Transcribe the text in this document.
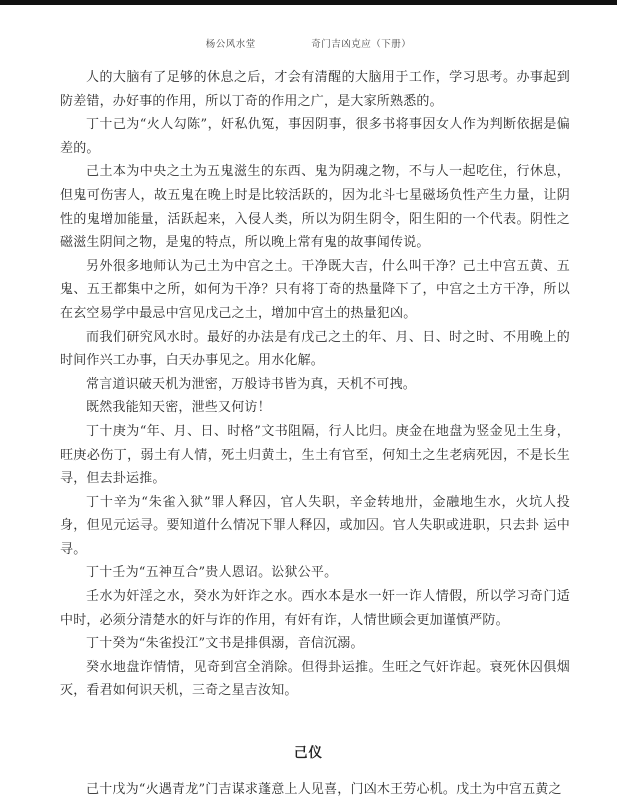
杨公风水堂	奇门吉凶克应（下册）

人的大脑有了足够的休息之后，才会有清醒的大脑用于工作，学习思考。办事起到防差错，办好事的作用，所以丁奇的作用之广，是大家所熟悉的。

丁十己为“火人勾陈”，奸私仇冤，事因阴事，很多书将事因女人作为判断依据是偏差的。

己土本为中央之土为五鬼滋生的东西、鬼为阴魂之物，不与人一起吃住，行休息，但鬼可伤害人，故五鬼在晚上时是比较活跃的，因为北斗七星磁场负性产生力量，让阴性的鬼增加能量，活跃起来，入侵人类，所以为阴生阴令，阳生阳的一个代表。阴性之磁滋生阴间之物，是鬼的特点，所以晚上常有鬼的故事闻传说。

另外很多地师认为己土为中宫之土。干净既大吉，什么叫干净？己土中宫五黄、五鬼、五王都集中之所，如何为干净？只有将丁奇的热量降下了，中宫之土方干净，所以在玄空易学中最忌中宫见戊己之土，增加中宫土的热量犯凶。

而我们研究风水时。最好的办法是有戊己之土的年、月、日、时之时、不用晚上的时间作兴工办事，白天办事见之。用水化解。

常言道识破天机为泄密，万般诗书皆为真，天机不可拽。

既然我能知天密，泄些又何访！

丁十庚为“年、月、日、时格”文书阻隔，行人比归。庚金在地盘为竖金见土生身，旺庚必伤丁，弱土有人情，死土归黄土，生土有官至，何知土之生老病死因，不是长生寻，但去卦运推。

丁十辛为“朱雀入狱”罪人释囚，官人失职，辛金转地卅，金融地生水，火坑人投身，但见元运寻。要知道什么情况下罪人释囚，或加囚。官人失职或进职，只去卦 运中寻。

丁十壬为“五神互合”贵人恩诏。讼狱公平。

壬水为奸淫之水，癸水为奸诈之水。西水本是水一奸一诈人情假，所以学习奇门适中时，必须分清楚水的奸与诈的作用，有奸有诈，人情世顾会更加谨慎严防。

丁十癸为“朱雀投江”文书是排俱溺，音信沉溺。

癸水地盘诈情情，见奇到宫全消除。但得卦运推。生旺之气奸诈起。衰死休囚俱烟灭，看君如何识天机，三奇之星吉汝知。

己仪

己十戊为“火遇青龙”门吉谋求蓬意上人见喜，门凶木王劳心机。戊土为中宫五黄之
